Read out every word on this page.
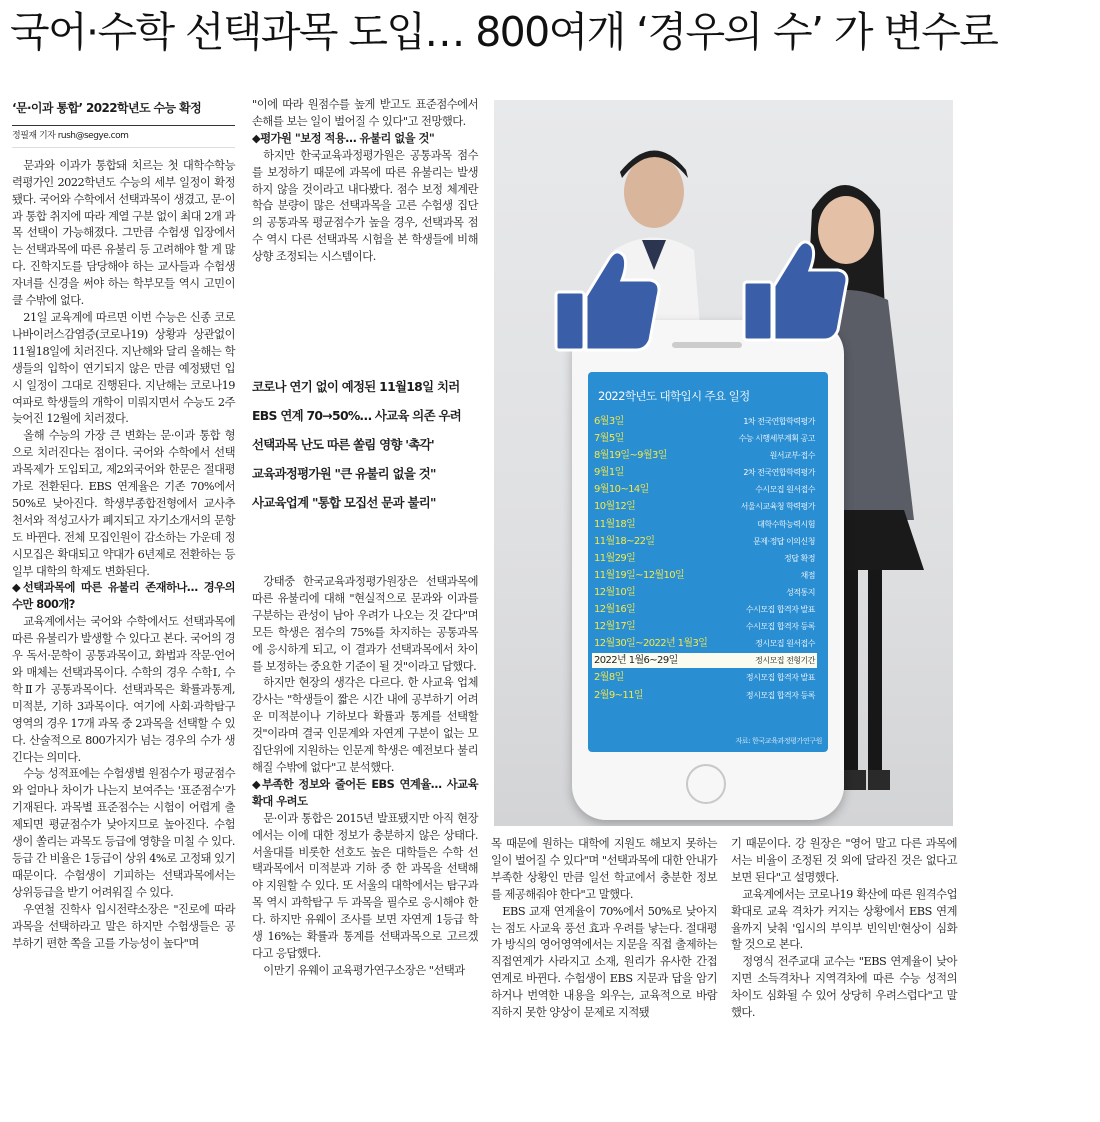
국어·수학 선택과목 도입… 800여개 ‘경우의 수’ 가 변수로
‘문·이과 통합’ 2022학년도 수능 확정
정필재 기자 rush@segye.com

문과와 이과가 통합돼 치르는 첫 대학수학능력평가인 2022학년도 수능의 세부 일정이 확정됐다. 국어와 수학에서 선택과목이 생겼고, 문·이과 통합 취지에 따라 계열 구분 없이 최대 2개 과목 선택이 가능해졌다. 그만큼 수험생 입장에서는 선택과목에 따른 유불리 등 고려해야 할 게 많다. 진학지도를 담당해야 하는 교사들과 수험생 자녀를 신경을 써야 하는 학부모들 역시 고민이 클 수밖에 없다.

21일 교육계에 따르면 이번 수능은 신종 코로나바이러스감염증(코로나19) 상황과 상관없이 11월18일에 치러진다. 지난해와 달리 올해는 학생들의 입학이 연기되지 않은 만큼 예정됐던 입시 일정이 그대로 진행된다. 지난해는 코로나19 여파로 학생들의 개학이 미뤄지면서 수능도 2주 늦어진 12월에 치러졌다.

올해 수능의 가장 큰 변화는 문·이과 통합 형으로 치러진다는 점이다. 국어와 수학에서 선택과목제가 도입되고, 제2외국어와 한문은 절대평가로 전환된다. EBS 연계율은 기존 70%에서 50%로 낮아진다. 학생부종합전형에서 교사추천서와 적성고사가 폐지되고 자기소개서의 문항도 바뀐다. 전체 모집인원이 감소하는 가운데 정시모집은 확대되고 약대가 6년제로 전환하는 등 일부 대학의 학제도 변화된다.

◆선택과목에 따른 유불리 존재하나… 경우의 수만 800개?

교육계에서는 국어와 수학에서도 선택과목에 따른 유불리가 발생할 수 있다고 본다. 국어의 경우 독서·문학이 공통과목이고, 화법과 작문·언어와 매체는 선택과목이다. 수학의 경우 수학Ⅰ, 수학Ⅱ가 공통과목이다. 선택과목은 확률과통계, 미적분, 기하 3과목이다. 여기에 사회·과학탐구 영역의 경우 17개 과목 중 2과목을 선택할 수 있다. 산술적으로 800가지가 넘는 경우의 수가 생긴다는 의미다.

수능 성적표에는 수험생별 원점수가 평균점수와 얼마나 차이가 나는지 보여주는 '표준점수'가 기재된다. 과목별 표준점수는 시험이 어렵게 출제되면 평균점수가 낮아지므로 높아진다. 수험생이 쏠리는 과목도 등급에 영향을 미칠 수 있다. 등급 간 비율은 1등급이 상위 4%로 고정돼 있기 때문이다. 수험생이 기피하는 선택과목에서는 상위등급을 받기 어려워질 수 있다.

우연철 진학사 입시전략소장은 "진로에 따라 과목을 선택하라고 말은 하지만 수험생들은 공부하기 편한 쪽을 고를 가능성이 높다"며

"이에 따라 원점수를 높게 받고도 표준점수에서 손해를 보는 일이 벌어질 수 있다"고 전망했다.

◆평가원 "보정 적용… 유불리 없을 것"

하지만 한국교육과정평가원은 공통과목 점수를 보정하기 때문에 과목에 따른 유불리는 발생하지 않을 것이라고 내다봤다. 점수 보정 체계란 학습 분량이 많은 선택과목을 고른 수험생 집단의 공통과목 평균점수가 높을 경우, 선택과목 점수 역시 다른 선택과목 시험을 본 학생들에 비해 상향 조정되는 시스템이다.

코로나 연기 없이 예정된 11월18일 치러
EBS 연계 70→50%… 사교육 의존 우려
선택과목 난도 따른 쏠림 영향 '촉각'
교육과정평가원 "큰 유불리 없을 것"
사교육업계 "통합 모집선 문과 불리"

강태중 한국교육과정평가원장은 선택과목에 따른 유불리에 대해 "현실적으로 문과와 이과를 구분하는 관성이 남아 우려가 나오는 것 같다"며 모든 학생은 점수의 75%를 차지하는 공통과목에 응시하게 되고, 이 결과가 선택과목에서 차이를 보정하는 중요한 기준이 될 것"이라고 답했다.

하지만 현장의 생각은 다르다. 한 사교육 업체 강사는 "학생들이 짧은 시간 내에 공부하기 어려운 미적분이나 기하보다 확률과 통계를 선택할 것"이라며 결국 인문계와 자연계 구분이 없는 모집단위에 지원하는 인문계 학생은 예전보다 불리해질 수밖에 없다"고 분석했다.

◆부족한 정보와 줄어든 EBS 연계율… 사교육 확대 우려도

문·이과 통합은 2015년 발표됐지만 아직 현장에서는 이에 대한 정보가 충분하지 않은 상태다. 서울대를 비롯한 선호도 높은 대학들은 수학 선택과목에서 미적분과 기하 중 한 과목을 선택해야 지원할 수 있다. 또 서울의 대학에서는 탐구과목 역시 과학탐구 두 과목을 필수로 응시해야 한다. 하지만 유웨이 조사를 보면 자연계 1등급 학생 16%는 확률과 통계를 선택과목으로 고르겠다고 응답했다.

이만기 유웨이 교육평가연구소장은 "선택과

2022학년도 대학입시 주요 일정
6월3일	1차 전국연합학력평가
7월5일	수능 시행세부계획 공고
8월19일~9월3일	원서교부·접수
9월1일	2차 전국연합학력평가
9월10~14일	수시모집 원서접수
10월12일	서울시교육청 학력평가
11월18일	대학수학능력시험
11월18~22일	문제·정답 이의신청
11월29일	정답 확정
11월19일~12월10일	채점
12월10일	성적통지
12월16일	수시모집 합격자 발표
12월17일	수시모집 합격자 등록
12월30일~2022년 1월3일	정시모집 원서접수
2022년 1월6~29일	정시모집 전형기간
2월8일	정시모집 합격자 발표
2월9~11일	정시모집 합격자 등록
자료: 한국교육과정평가연구원

목 때문에 원하는 대학에 지원도 해보지 못하는 일이 벌어질 수 있다"며 "선택과목에 대한 안내가 부족한 상황인 만큼 일선 학교에서 충분한 정보를 제공해줘야 한다"고 말했다.

EBS 교재 연계율이 70%에서 50%로 낮아지는 점도 사교육 풍선 효과 우려를 낳는다. 절대평가 방식의 영어영역에서는 지문을 직접 출제하는 직접연계가 사라지고 소재, 원리가 유사한 간접연계로 바뀐다. 수험생이 EBS 지문과 답을 암기하거나 번역한 내용을 외우는, 교육적으로 바람직하지 못한 양상이 문제로 지적됐

기 때문이다. 강 원장은 "영어 말고 다른 과목에서는 비율이 조정된 것 외에 달라진 것은 없다고 보면 된다"고 설명했다.

교육계에서는 코로나19 확산에 따른 원격수업 확대로 교육 격차가 커지는 상황에서 EBS 연계율까지 낮춰 '입시의 부익부 빈익빈'현상이 심화할 것으로 본다.

정영식 전주교대 교수는 "EBS 연계율이 낮아지면 소득격차나 지역격차에 따른 수능 성적의 차이도 심화될 수 있어 상당히 우려스럽다"고 말했다.
